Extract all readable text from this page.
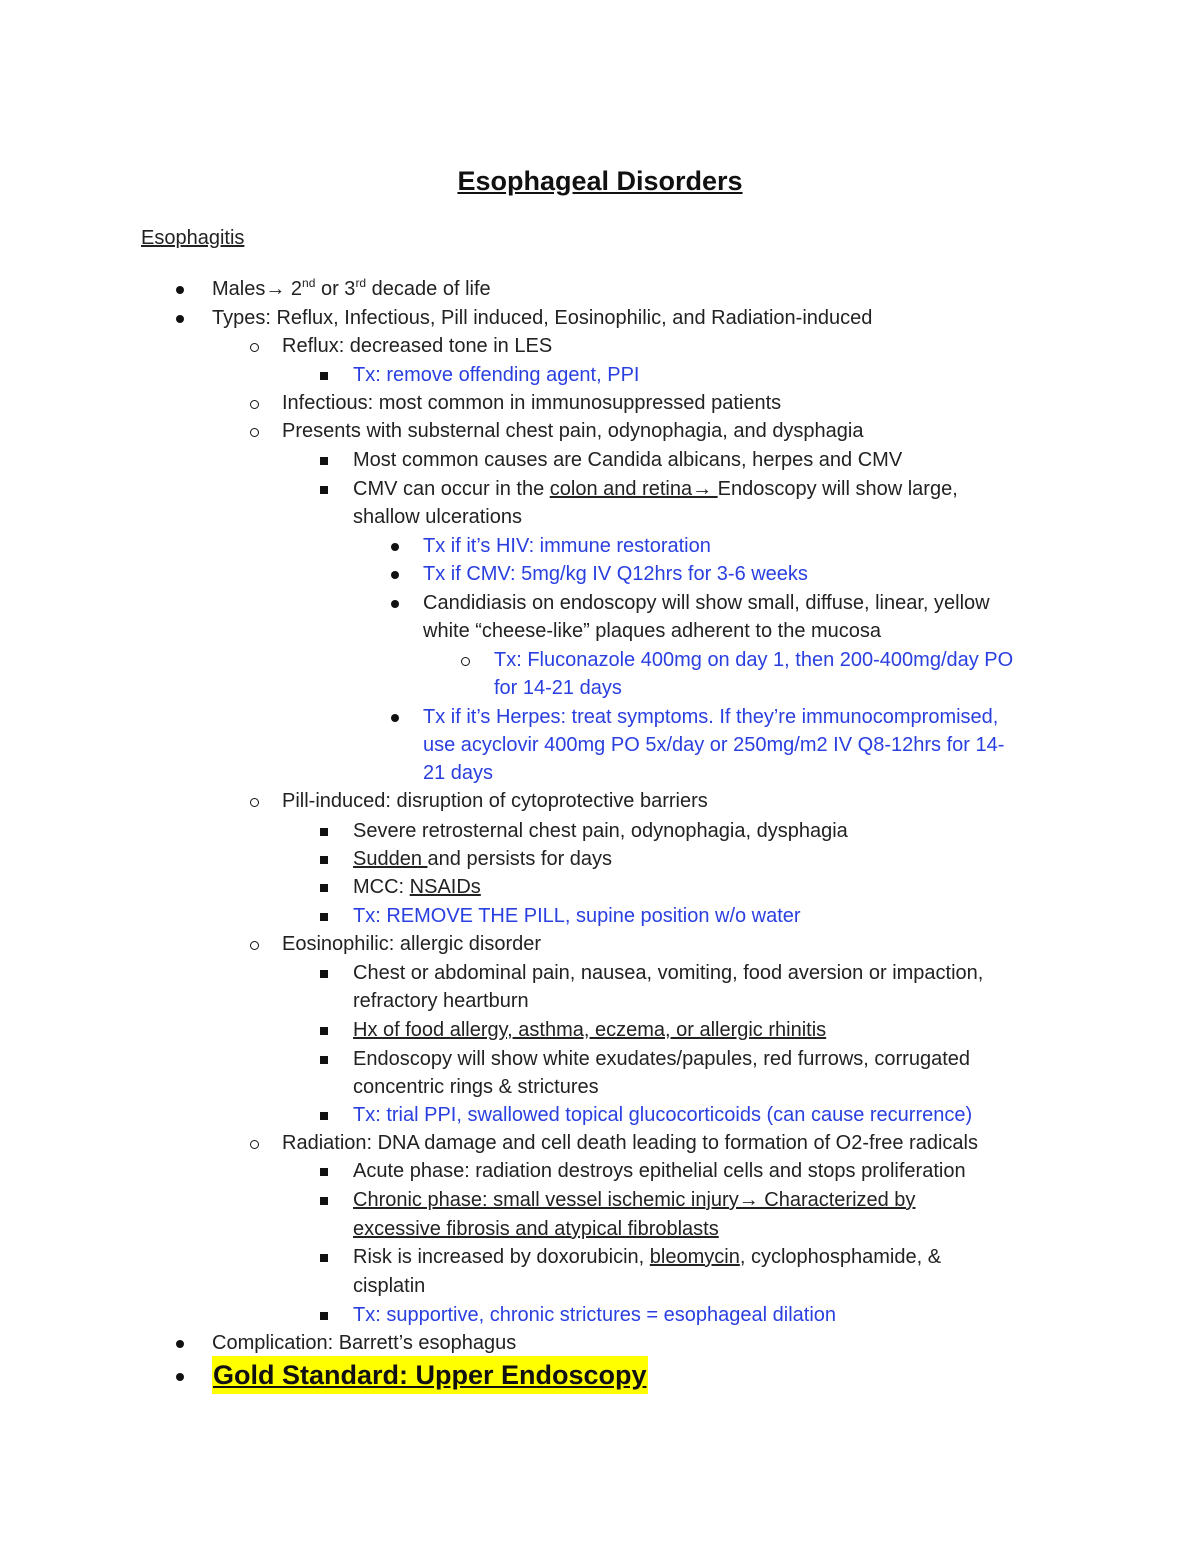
Esophageal Disorders
Esophagitis
Males→ 2nd or 3rd decade of life
Types: Reflux, Infectious, Pill induced, Eosinophilic, and Radiation-induced
Reflux: decreased tone in LES
Tx: remove offending agent, PPI
Infectious: most common in immunosuppressed patients
Presents with substernal chest pain, odynophagia, and dysphagia
Most common causes are Candida albicans, herpes and CMV
CMV can occur in the colon and retina→ Endoscopy will show large,
shallow ulcerations
Tx if it’s HIV: immune restoration
Tx if CMV: 5mg/kg IV Q12hrs for 3-6 weeks
Candidiasis on endoscopy will show small, diffuse, linear, yellow
white “cheese-like” plaques adherent to the mucosa
Tx: Fluconazole 400mg on day 1, then 200-400mg/day PO
for 14-21 days
Tx if it’s Herpes: treat symptoms. If they’re immunocompromised,
use acyclovir 400mg PO 5x/day or 250mg/m2 IV Q8-12hrs for 14-
21 days
Pill-induced: disruption of cytoprotective barriers
Severe retrosternal chest pain, odynophagia, dysphagia
Sudden and persists for days
MCC: NSAIDs
Tx: REMOVE THE PILL, supine position w/o water
Eosinophilic: allergic disorder
Chest or abdominal pain, nausea, vomiting, food aversion or impaction,
refractory heartburn
Hx of food allergy, asthma, eczema, or allergic rhinitis
Endoscopy will show white exudates/papules, red furrows, corrugated
concentric rings & strictures
Tx: trial PPI, swallowed topical glucocorticoids (can cause recurrence)
Radiation: DNA damage and cell death leading to formation of O2-free radicals
Acute phase: radiation destroys epithelial cells and stops proliferation
Chronic phase: small vessel ischemic injury→ Characterized by
excessive fibrosis and atypical fibroblasts
Risk is increased by doxorubicin, bleomycin, cyclophosphamide, &
cisplatin
Tx: supportive, chronic strictures = esophageal dilation
Complication: Barrett’s esophagus
Gold Standard: Upper Endoscopy
